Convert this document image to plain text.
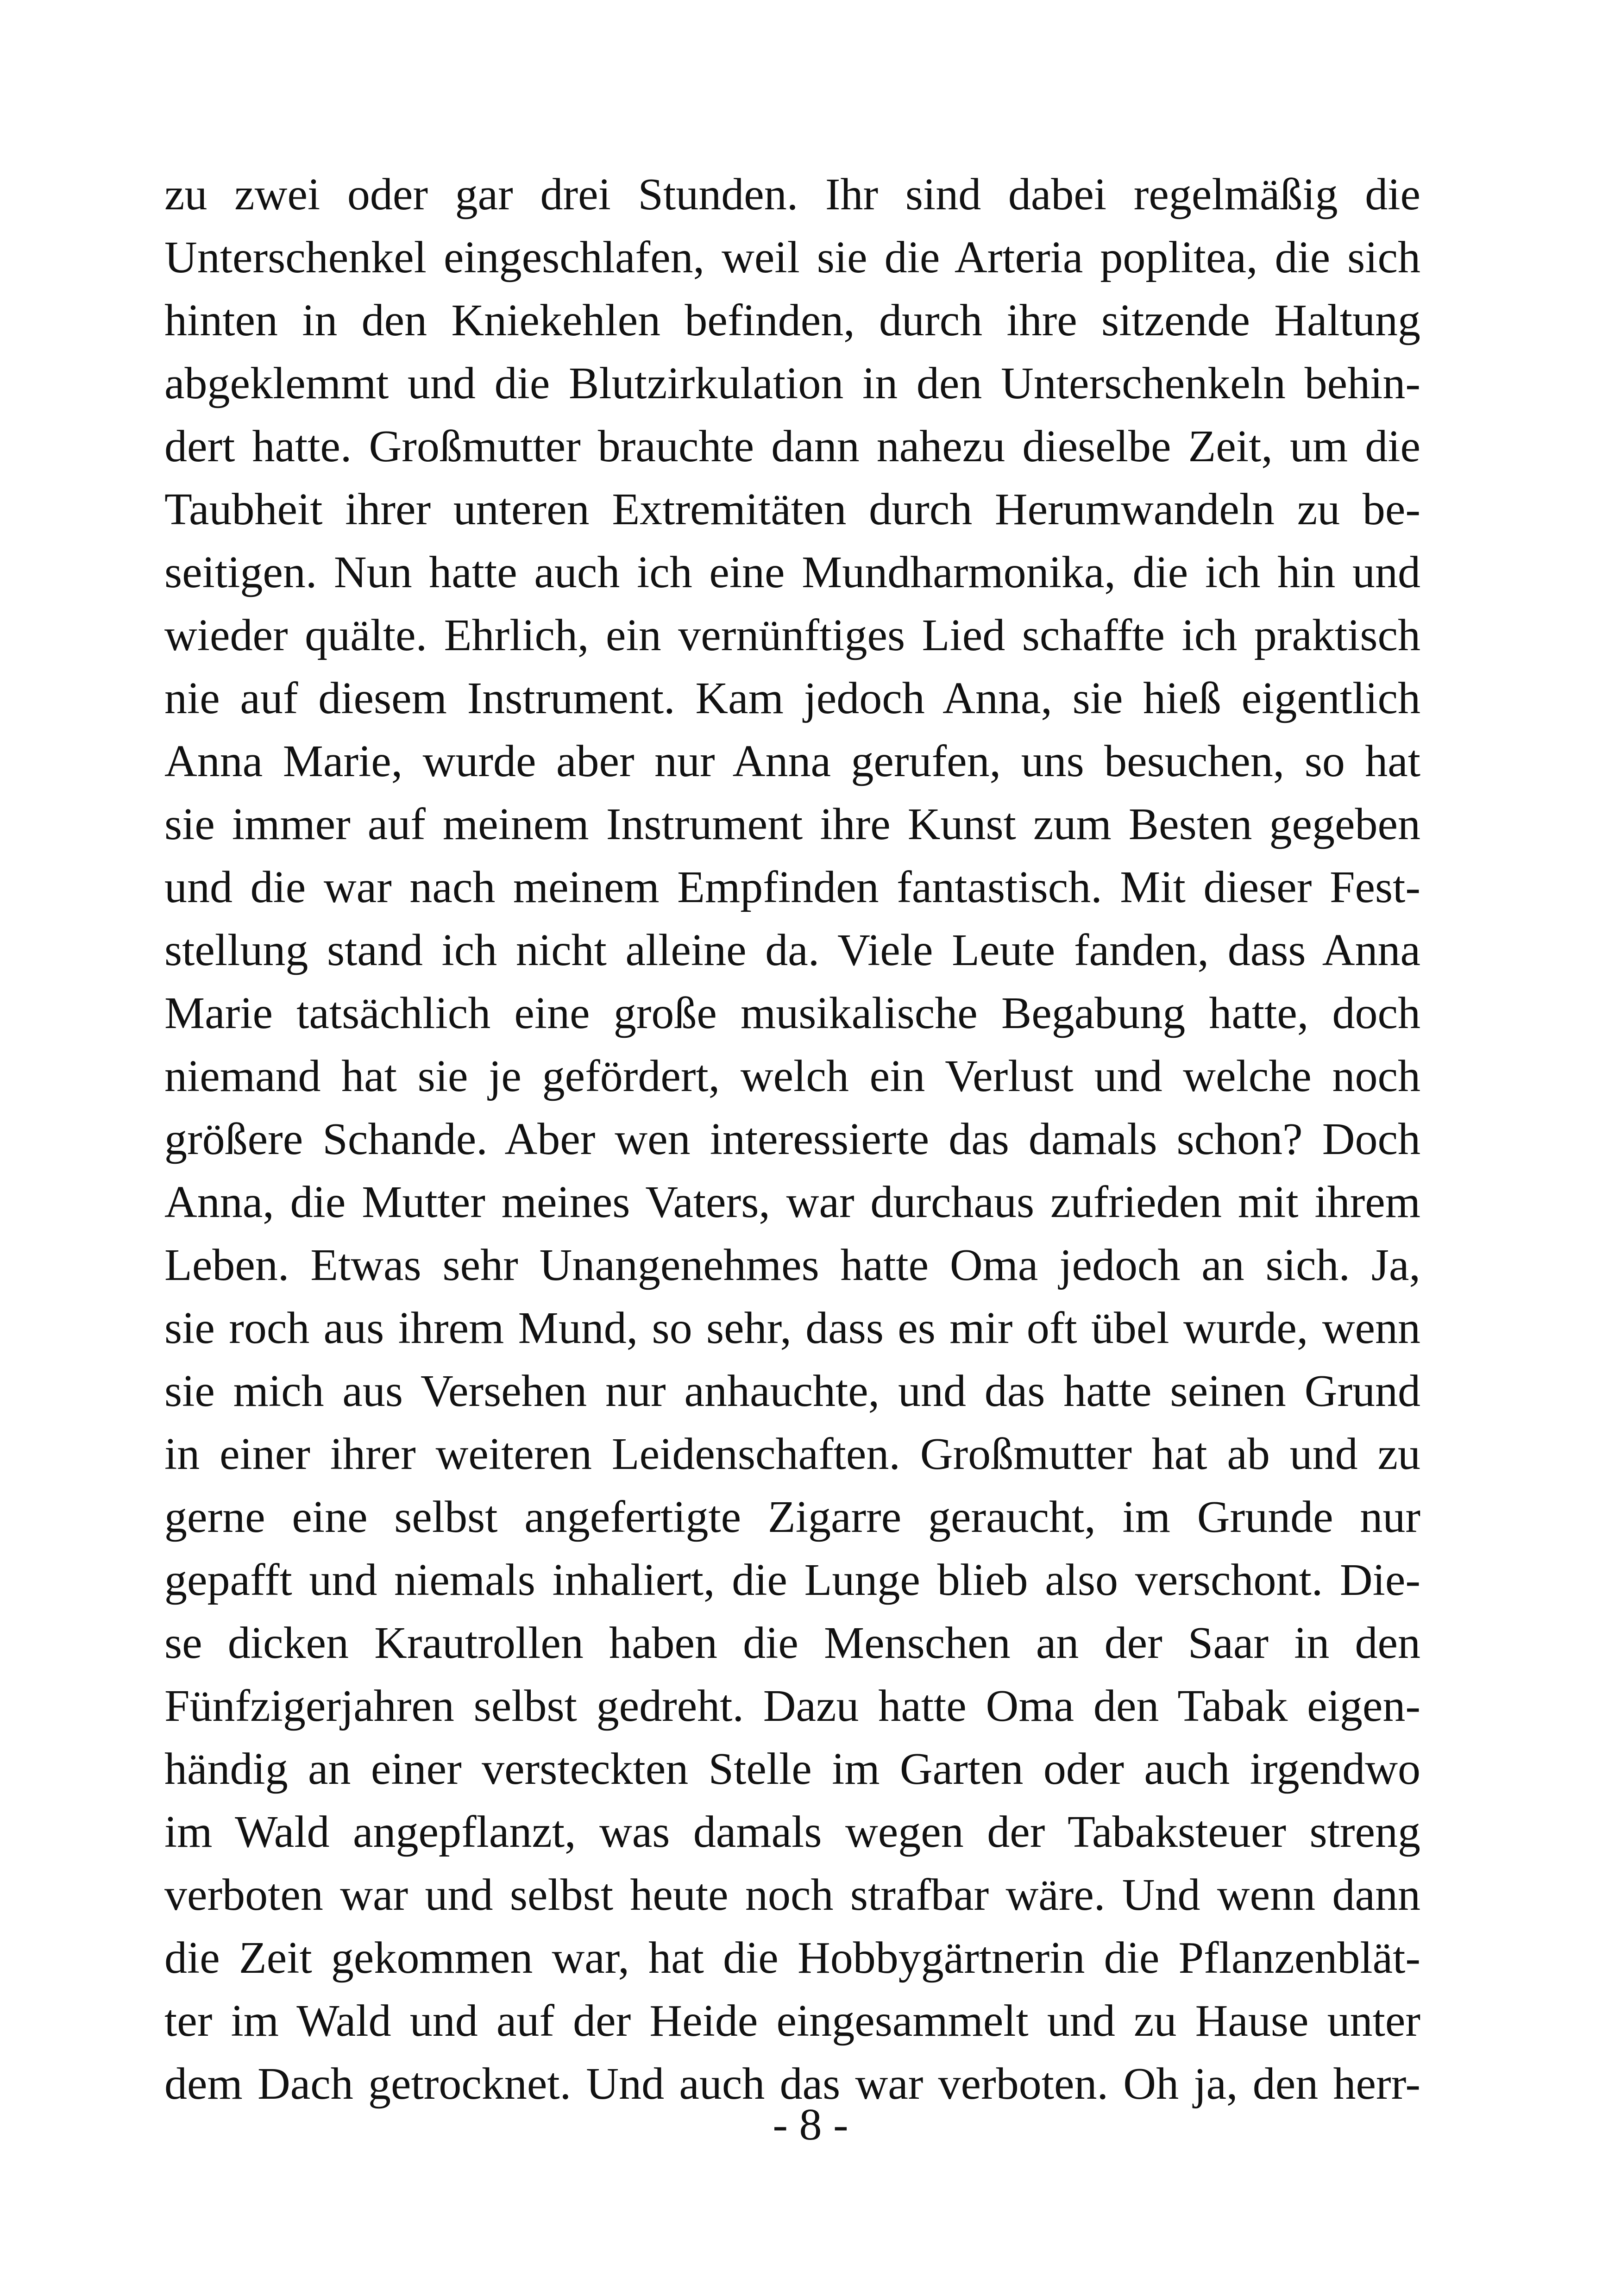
zu zwei oder gar drei Stunden. Ihr sind dabei regelmäßig die
Unterschenkel eingeschlafen, weil sie die Arteria poplitea, die sich
hinten in den Kniekehlen befinden, durch ihre sitzende Haltung
abgeklemmt und die Blutzirkulation in den Unterschenkeln behin-
dert hatte. Großmutter brauchte dann nahezu dieselbe Zeit, um die
Taubheit ihrer unteren Extremitäten durch Herumwandeln zu be-
seitigen. Nun hatte auch ich eine Mundharmonika, die ich hin und
wieder quälte. Ehrlich, ein vernünftiges Lied schaffte ich praktisch
nie auf diesem Instrument. Kam jedoch Anna, sie hieß eigentlich
Anna Marie, wurde aber nur Anna gerufen, uns besuchen, so hat
sie immer auf meinem Instrument ihre Kunst zum Besten gegeben
und die war nach meinem Empfinden fantastisch. Mit dieser Fest-
stellung stand ich nicht alleine da. Viele Leute fanden, dass Anna
Marie tatsächlich eine große musikalische Begabung hatte, doch
niemand hat sie je gefördert, welch ein Verlust und welche noch
größere Schande. Aber wen interessierte das damals schon? Doch
Anna, die Mutter meines Vaters, war durchaus zufrieden mit ihrem
Leben. Etwas sehr Unangenehmes hatte Oma jedoch an sich. Ja,
sie roch aus ihrem Mund, so sehr, dass es mir oft übel wurde, wenn
sie mich aus Versehen nur anhauchte, und das hatte seinen Grund
in einer ihrer weiteren Leidenschaften. Großmutter hat ab und zu
gerne eine selbst angefertigte Zigarre geraucht, im Grunde nur
gepafft und niemals inhaliert, die Lunge blieb also verschont. Die-
se dicken Krautrollen haben die Menschen an der Saar in den
Fünfzigerjahren selbst gedreht. Dazu hatte Oma den Tabak eigen-
händig an einer versteckten Stelle im Garten oder auch irgendwo
im Wald angepflanzt, was damals wegen der Tabaksteuer streng
verboten war und selbst heute noch strafbar wäre. Und wenn dann
die Zeit gekommen war, hat die Hobbygärtnerin die Pflanzenblät-
ter im Wald und auf der Heide eingesammelt und zu Hause unter
dem Dach getrocknet. Und auch das war verboten. Oh ja, den herr-
- 8 -
